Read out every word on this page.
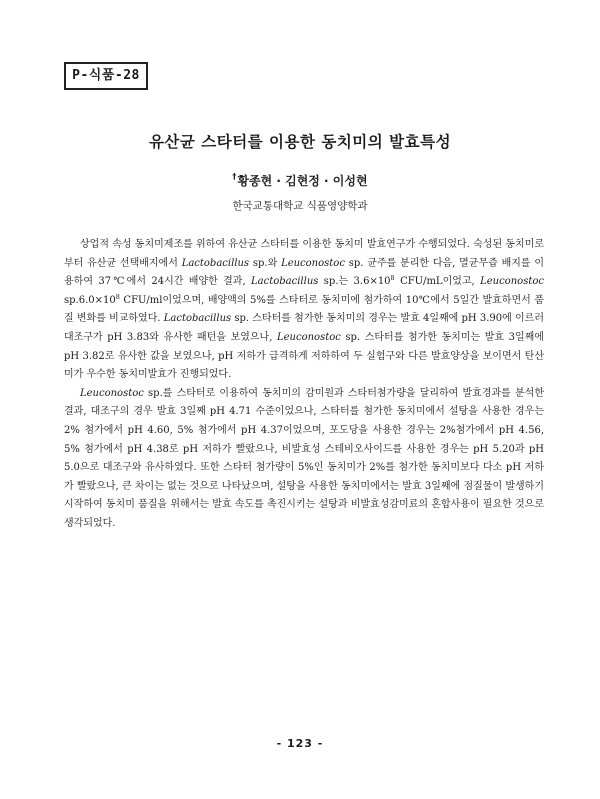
P-식품-28
유산균 스타터를 이용한 동치미의 발효특성
†황종현 · 김현정 · 이성현
한국교통대학교 식품영양학과

상업적 속성 동치미제조를 위하여 유산균 스타터를 이용한 동치미 발효연구가 수행되었다. 숙성된 동치미로부터 유산균 선택배지에서 Lactobacillus sp.와 Leuconostoc sp. 균주를 분리한 다음, 멸균무즙 배지를 이용하여 37℃에서 24시간 배양한 결과, Lactobacillus sp.는 $3.6\times 10^8$ CFU/mL이었고, Leuconostoc $sp.6.0\times 10^8$ CFU/ml이었으며, 배양액의 5%를 스타터로 동치미에 첨가하여 10℃에서 5일간 발효하면서 품질 변화를 비교하였다. Lactobacillus sp. 스타터를 첨가한 동치미의 경우는 발효 4일째에 pH 3.90에 이르러 대조구가 pH 3.83와 유사한 패턴을 보였으나, Leuconostoc sp. 스타터를 첨가한 동치미는 발효 3일째에 pH 3.82로 유사한 값을 보였으나, pH 저하가 급격하게 저하하여 두 실험구와 다른 발효양상을 보이면서 탄산미가 우수한 동치미발효가 진행되었다.

Leuconostoc sp.를 스타터로 이용하여 동치미의 감미원과 스타터첨가량을 달리하여 발효경과를 분석한 결과, 대조구의 경우 발효 3일째 pH 4.71 수준이었으나, 스타터를 첨가한 동치미에서 설탕을 사용한 경우는 2% 첨가에서 pH 4.60, 5% 첨가에서 pH 4.37이었으며, 포도당을 사용한 경우는 2%첨가에서 pH 4.56, 5% 첨가에서 pH 4.38로 pH 저하가 빨랐으나, 비발효성 스테비오사이드를 사용한 경우는 pH 5.20과 pH 5.0으로 대조구와 유사하였다. 또한 스타터 첨가량이 5%인 동치미가 2%를 첨가한 동치미보다 다소 pH 저하가 빨랐으나, 큰 차이는 없는 것으로 나타났으며, 설탕을 사용한 동치미에서는 발효 3일째에 점질물이 발생하기 시작하여 동치미 품질을 위해서는 발효 속도를 촉진시키는 설탕과 비발효성감미료의 혼합사용이 필요한 것으로 생각되었다.

- 123 -
